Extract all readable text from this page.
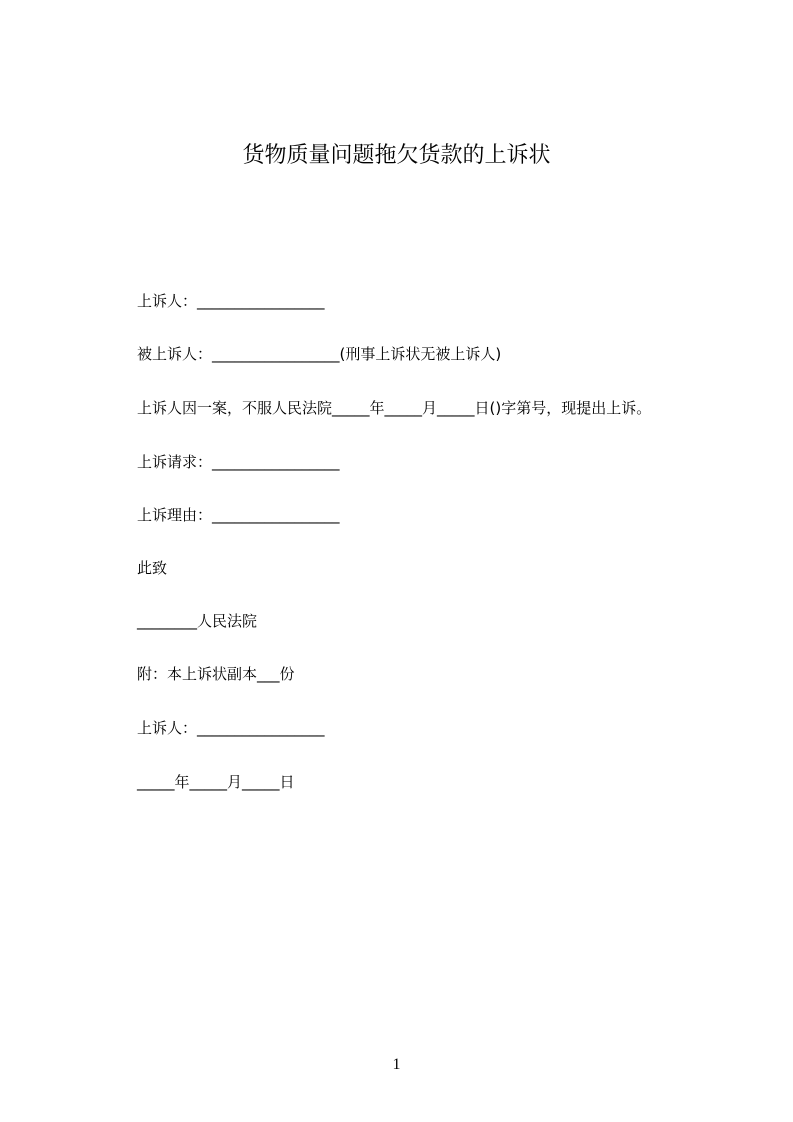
货物质量问题拖欠货款的上诉状
上诉人：_________________
被上诉人：_________________(刑事上诉状无被上诉人)
上诉人因一案，不服人民法院_____年_____月_____日()字第号，现提出上诉。
上诉请求：_________________
上诉理由：_________________
此致
________人民法院
附：本上诉状副本___份
上诉人：_________________
_____年_____月_____日
1
